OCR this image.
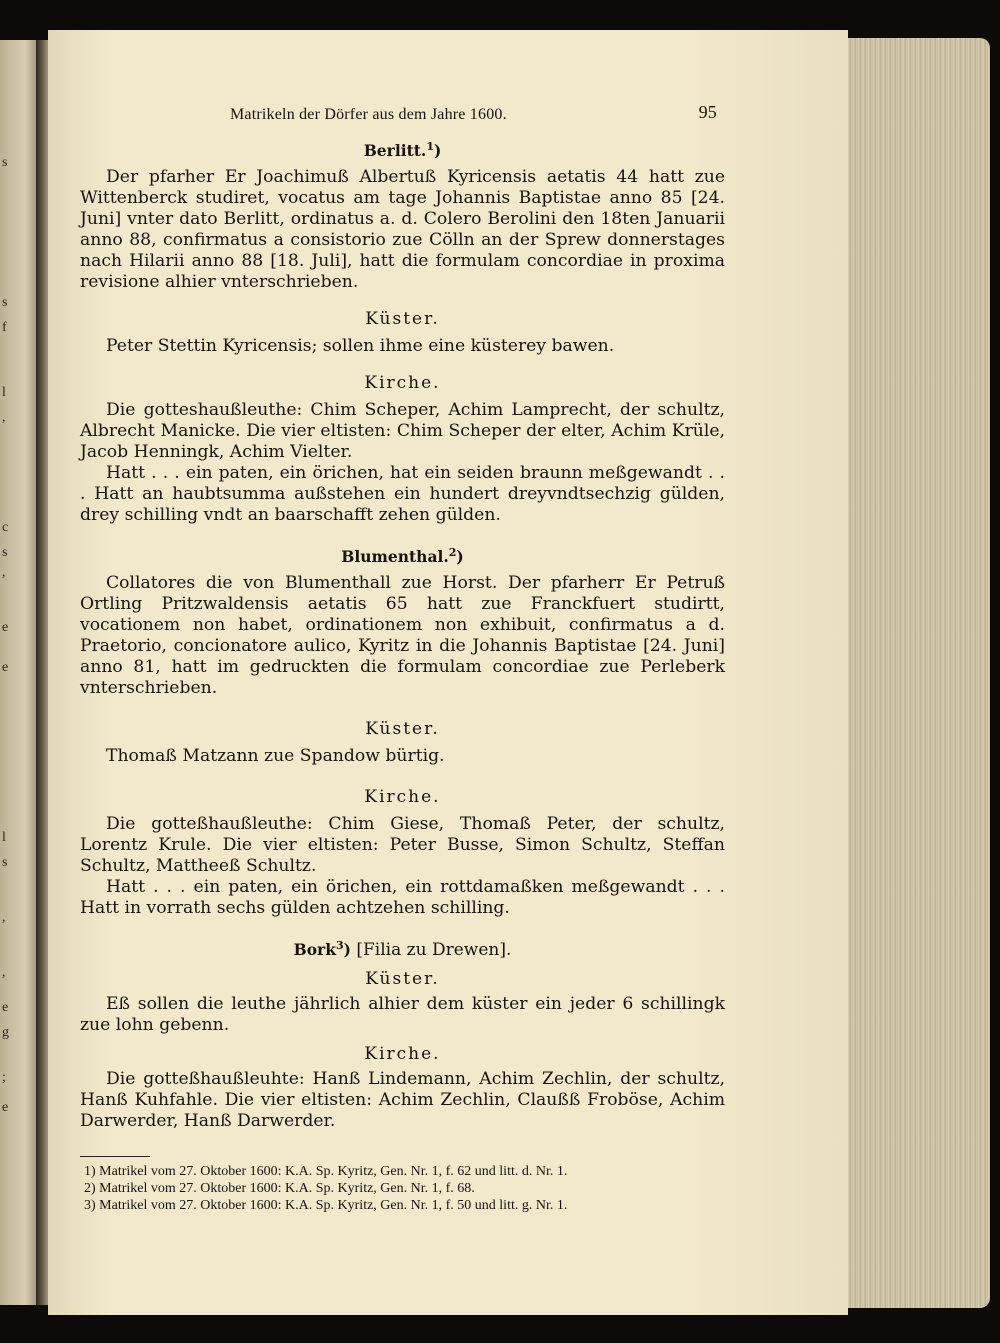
s
s
f
l
,
c
s
,
e
e
l
s
,
,
e
g
;
e
Matrikeln der Dörfer aus dem Jahre 1600.	95
Berlitt.$^1$)

Der pfarher Er Joachimuß Albertuß Kyricensis aetatis 44 hatt zue Wittenberck studiret, vocatus am tage Johannis Baptistae anno 85 [24. Juni] vnter dato Berlitt, ordinatus a. d. Colero Berolini den 18ten Januarii anno 88, confirmatus a consistorio zue Cölln an der Sprew donnerstages nach Hilarii anno 88 [18. Juli], hatt die formulam concordiae in proxima revisione alhier vnterschrieben.

Küster.

Peter Stettin Kyricensis; sollen ihme eine küsterey bawen.

Kirche.

Die gotteshaußleuthe: Chim Scheper, Achim Lamprecht, der schultz, Albrecht Manicke. Die vier eltisten: Chim Scheper der elter, Achim Krüle, Jacob Henningk, Achim Vielter.

Hatt . . . ein paten, ein örichen, hat ein seiden braunn meßgewandt . . . Hatt an haubtsumma außstehen ein hundert dreyvndtsechzig gülden, drey schilling vndt an baarschafft zehen gülden.

Blumenthal.$^2$)

Collatores die von Blumenthall zue Horst. Der pfarherr Er Petruß Ortling Pritzwaldensis aetatis 65 hatt zue Franckfuert studirtt, vocationem non habet, ordinationem non exhibuit, confirmatus a d. Praetorio, concionatore aulico, Kyritz in die Johannis Baptistae [24. Juni] anno 81, hatt im gedruckten die formulam concordiae zue Perleberk vnterschrieben.

Küster.

Thomaß Matzann zue Spandow bürtig.

Kirche.

Die gotteßhaußleuthe: Chim Giese, Thomaß Peter, der schultz, Lorentz Krule. Die vier eltisten: Peter Busse, Simon Schultz, Steffan Schultz, Mattheeß Schultz.

Hatt . . . ein paten, ein örichen, ein rottdamaßken meßgewandt . . . Hatt in vorrath sechs gülden achtzehen schilling.

Bork$^3$) [Filia zu Drewen].
Küster.

Eß sollen die leuthe jährlich alhier dem küster ein jeder 6 schillingk zue lohn gebenn.

Kirche.

Die gotteßhaußleuhte: Hanß Lindemann, Achim Zechlin, der schultz, Hanß Kuhfahle. Die vier eltisten: Achim Zechlin, Claußß Froböse, Achim Darwerder, Hanß Darwerder.

1) Matrikel vom 27. Oktober 1600: K.A. Sp. Kyritz, Gen. Nr. 1, f. 62 und litt. d. Nr. 1.
2) Matrikel vom 27. Oktober 1600: K.A. Sp. Kyritz, Gen. Nr. 1, f. 68.
3) Matrikel vom 27. Oktober 1600: K.A. Sp. Kyritz, Gen. Nr. 1, f. 50 und litt. g. Nr. 1.
